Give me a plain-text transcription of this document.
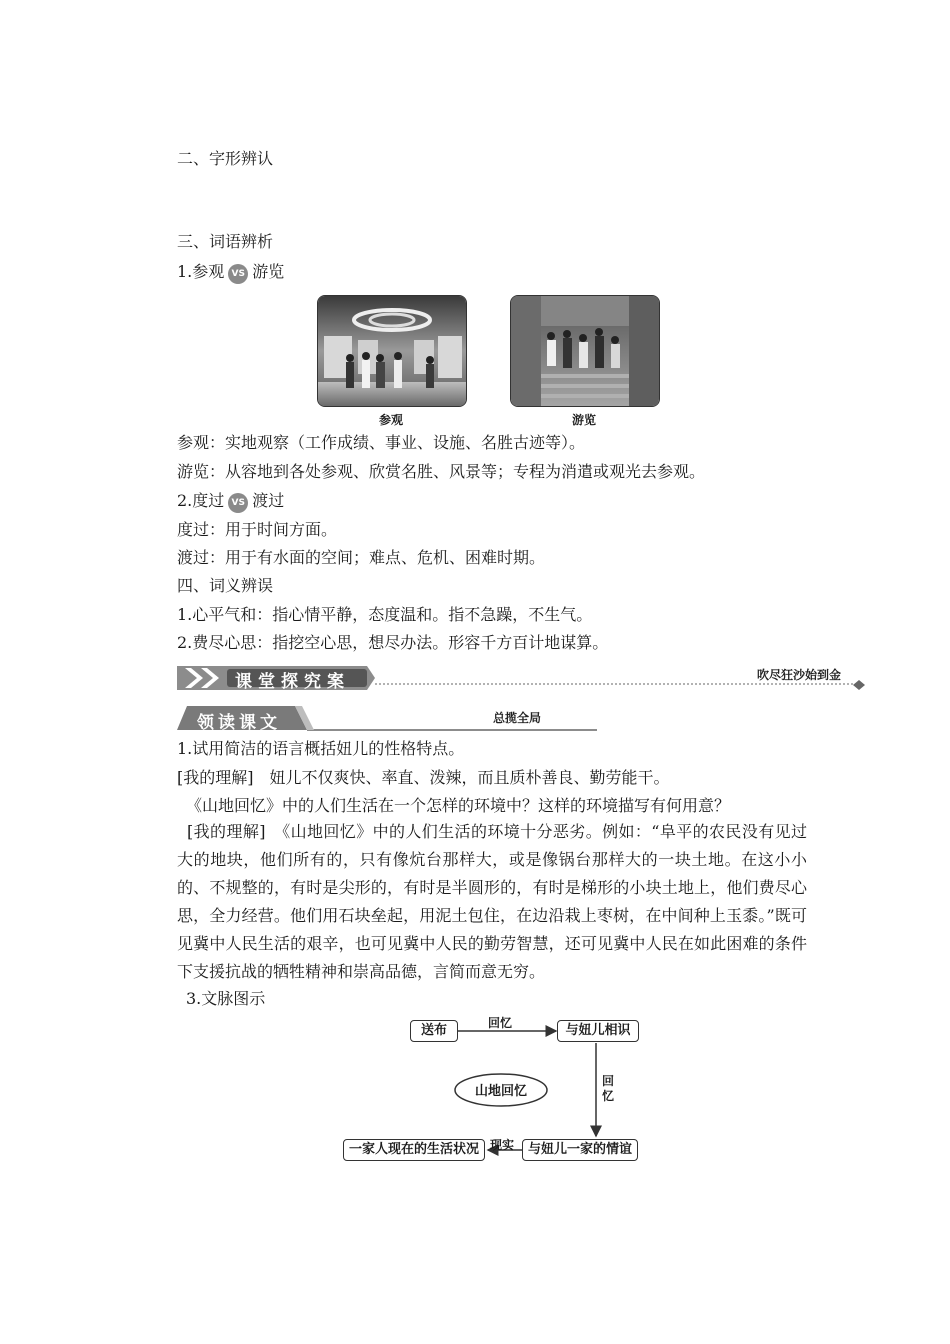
二、字形辨认
三、词语辨析
1.参观 VS 游览
参观	游览
参观：实地观察（工作成绩、事业、设施、名胜古迹等）。
游览：从容地到各处参观、欣赏名胜、风景等；专程为消遣或观光去参观。
2.度过 VS 渡过
度过：用于时间方面。
渡过：用于有水面的空间；难点、危机、困难时期。
四、词义辨误
1.心平气和：指心情平静，态度温和。指不急躁，不生气。
2.费尽心思：指挖空心思，想尽办法。形容千方百计地谋算。
课堂探究案	吹尽狂沙始到金
领读课文	总揽全局
1.试用简洁的语言概括妞儿的性格特点。
[我的理解]　妞儿不仅爽快、率直、泼辣，而且质朴善良、勤劳能干。
《山地回忆》中的人们生活在一个怎样的环境中？这样的环境描写有何用意？
[我的理解]　《山地回忆》中的人们生活的环境十分恶劣。例如：“阜平的农民没有见过大的地块，他们所有的，只有像炕台那样大，或是像锅台那样大的一块土地。在这小小的、不规整的，有时是尖形的，有时是半圆形的，有时是梯形的小块土地上，他们费尽心思，全力经营。他们用石块垒起，用泥土包住，在边沿栽上枣树，在中间种上玉黍。”既可见冀中人民生活的艰辛，也可见冀中人民的勤劳智慧，还可见冀中人民在如此困难的条件下支援抗战的牺牲精神和崇高品德，言简而意无穷。
3.文脉图示
送布	与妞儿相识
与妞儿一家的情谊
一家人现在的生活状况
山地回忆
回忆
回
忆
现实
